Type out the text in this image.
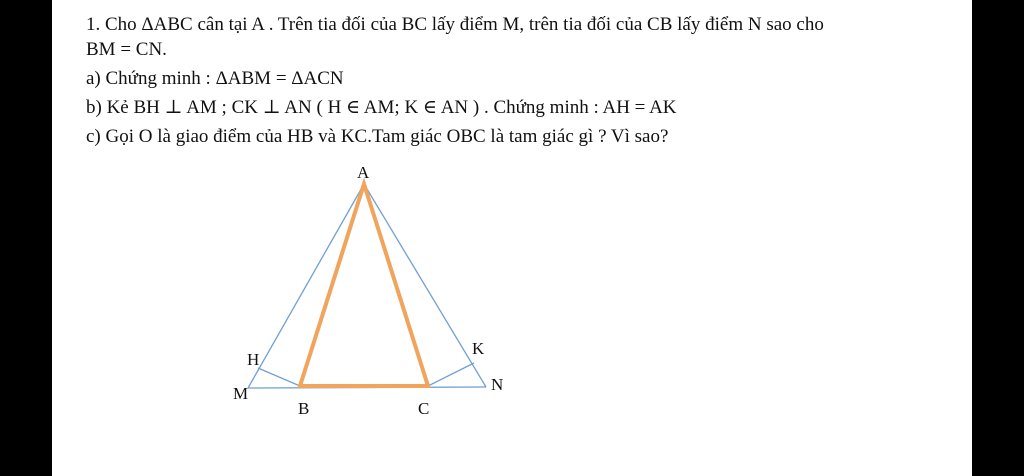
1. Cho ΔABC cân tại A . Trên tia đối của BC lấy điểm M, trên tia đối của CB lấy điểm N sao cho
BM = CN.
a) Chứng minh : ΔABM = ΔACN
b) Kẻ BH ⊥ AM ; CK ⊥ AN ( H ∈ AM; K ∈ AN ) . Chứng minh : AH = AK
c) Gọi O là giao điểm của HB và KC.Tam giác OBC là tam giác gì ? Vì sao?
A
H
K
M	N
B	C
